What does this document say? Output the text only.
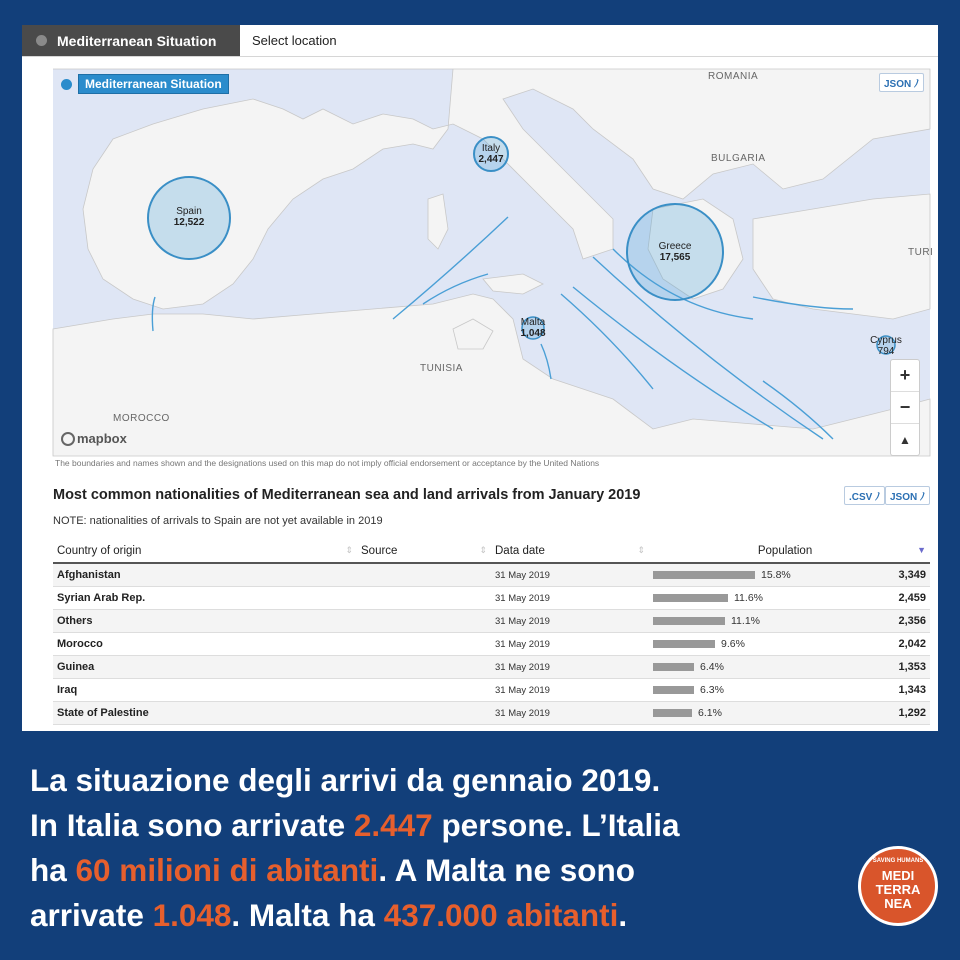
Mediterranean Situation	Select location
Mediterranean Situation	JSON ﾉ
ROMANIA
BULGARIA
TUNISIA
MOROCCO
TURI
Spain
12,522
Italy
2,447
Greece
17,565
Malta
1,048
Cyprus
794
+
−
▲
mapbox
The boundaries and names shown and the designations used on this map do not imply official endorsement or acceptance by the United Nations
Most common nationalities of Mediterranean sea and land arrivals from January 2019	.CSV ﾉ JSON ﾉ
NOTE: nationalities of arrivals to Spain are not yet available in 2019
Country of origin ⇕	Source ⇕	Data date ⇕	Population ▼	

Afghanistan		31 May 2019	15.8%	3,349
Syrian Arab Rep.		31 May 2019	11.6%	2,459
Others		31 May 2019	11.1%	2,356
Morocco		31 May 2019	9.6%	2,042
Guinea		31 May 2019	6.4%	1,353
Iraq		31 May 2019	6.3%	1,343
State of Palestine		31 May 2019	6.1%	1,292
La situazione degli arrivi da gennaio 2019.
In Italia sono arrivate 2.447 persone. L’Italia
ha 60 milioni di abitanti. A Malta ne sono
arrivate 1.048. Malta ha 437.000 abitanti.
SAVING HUMANS
MEDI
TERRA
NEA
